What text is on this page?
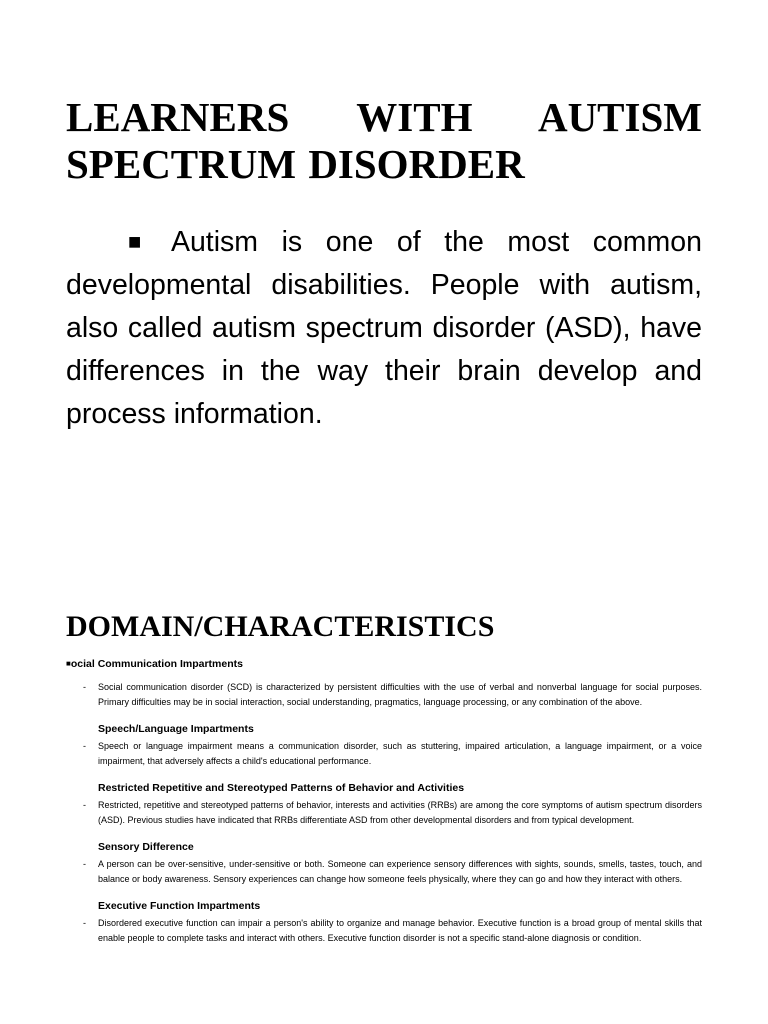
LEARNERS WITH AUTISM
SPECTRUM DISORDER

■ Autism is one of the most common developmental disabilities. People with autism, also called autism spectrum disorder (ASD), have differences in the way their brain develop and process information.

DOMAIN/CHARACTERISTICS
■ocial Communication Impartments
-	Social communication disorder (SCD) is characterized by persistent difficulties with the use of verbal and nonverbal language for social purposes. Primary difficulties may be in social interaction, social understanding, pragmatics, language processing, or any combination of the above.
Speech/Language Impartments
-	Speech or language impairment means a communication disorder, such as stuttering, impaired articulation, a language impairment, or a voice impairment, that adversely affects a child's educational performance.
Restricted Repetitive and Stereotyped Patterns of Behavior and Activities
-	Restricted, repetitive and stereotyped patterns of behavior, interests and activities (RRBs) are among the core symptoms of autism spectrum disorders (ASD). Previous studies have indicated that RRBs differentiate ASD from other developmental disorders and from typical development.
Sensory Difference
-	A person can be over-sensitive, under-sensitive or both. Someone can experience sensory differences with sights, sounds, smells, tastes, touch, and balance or body awareness. Sensory experiences can change how someone feels physically, where they can go and how they interact with others.
Executive Function Impartments
-	Disordered executive function can impair a person's ability to organize and manage behavior. Executive function is a broad group of mental skills that enable people to complete tasks and interact with others. Executive function disorder is not a specific stand-alone diagnosis or condition.
